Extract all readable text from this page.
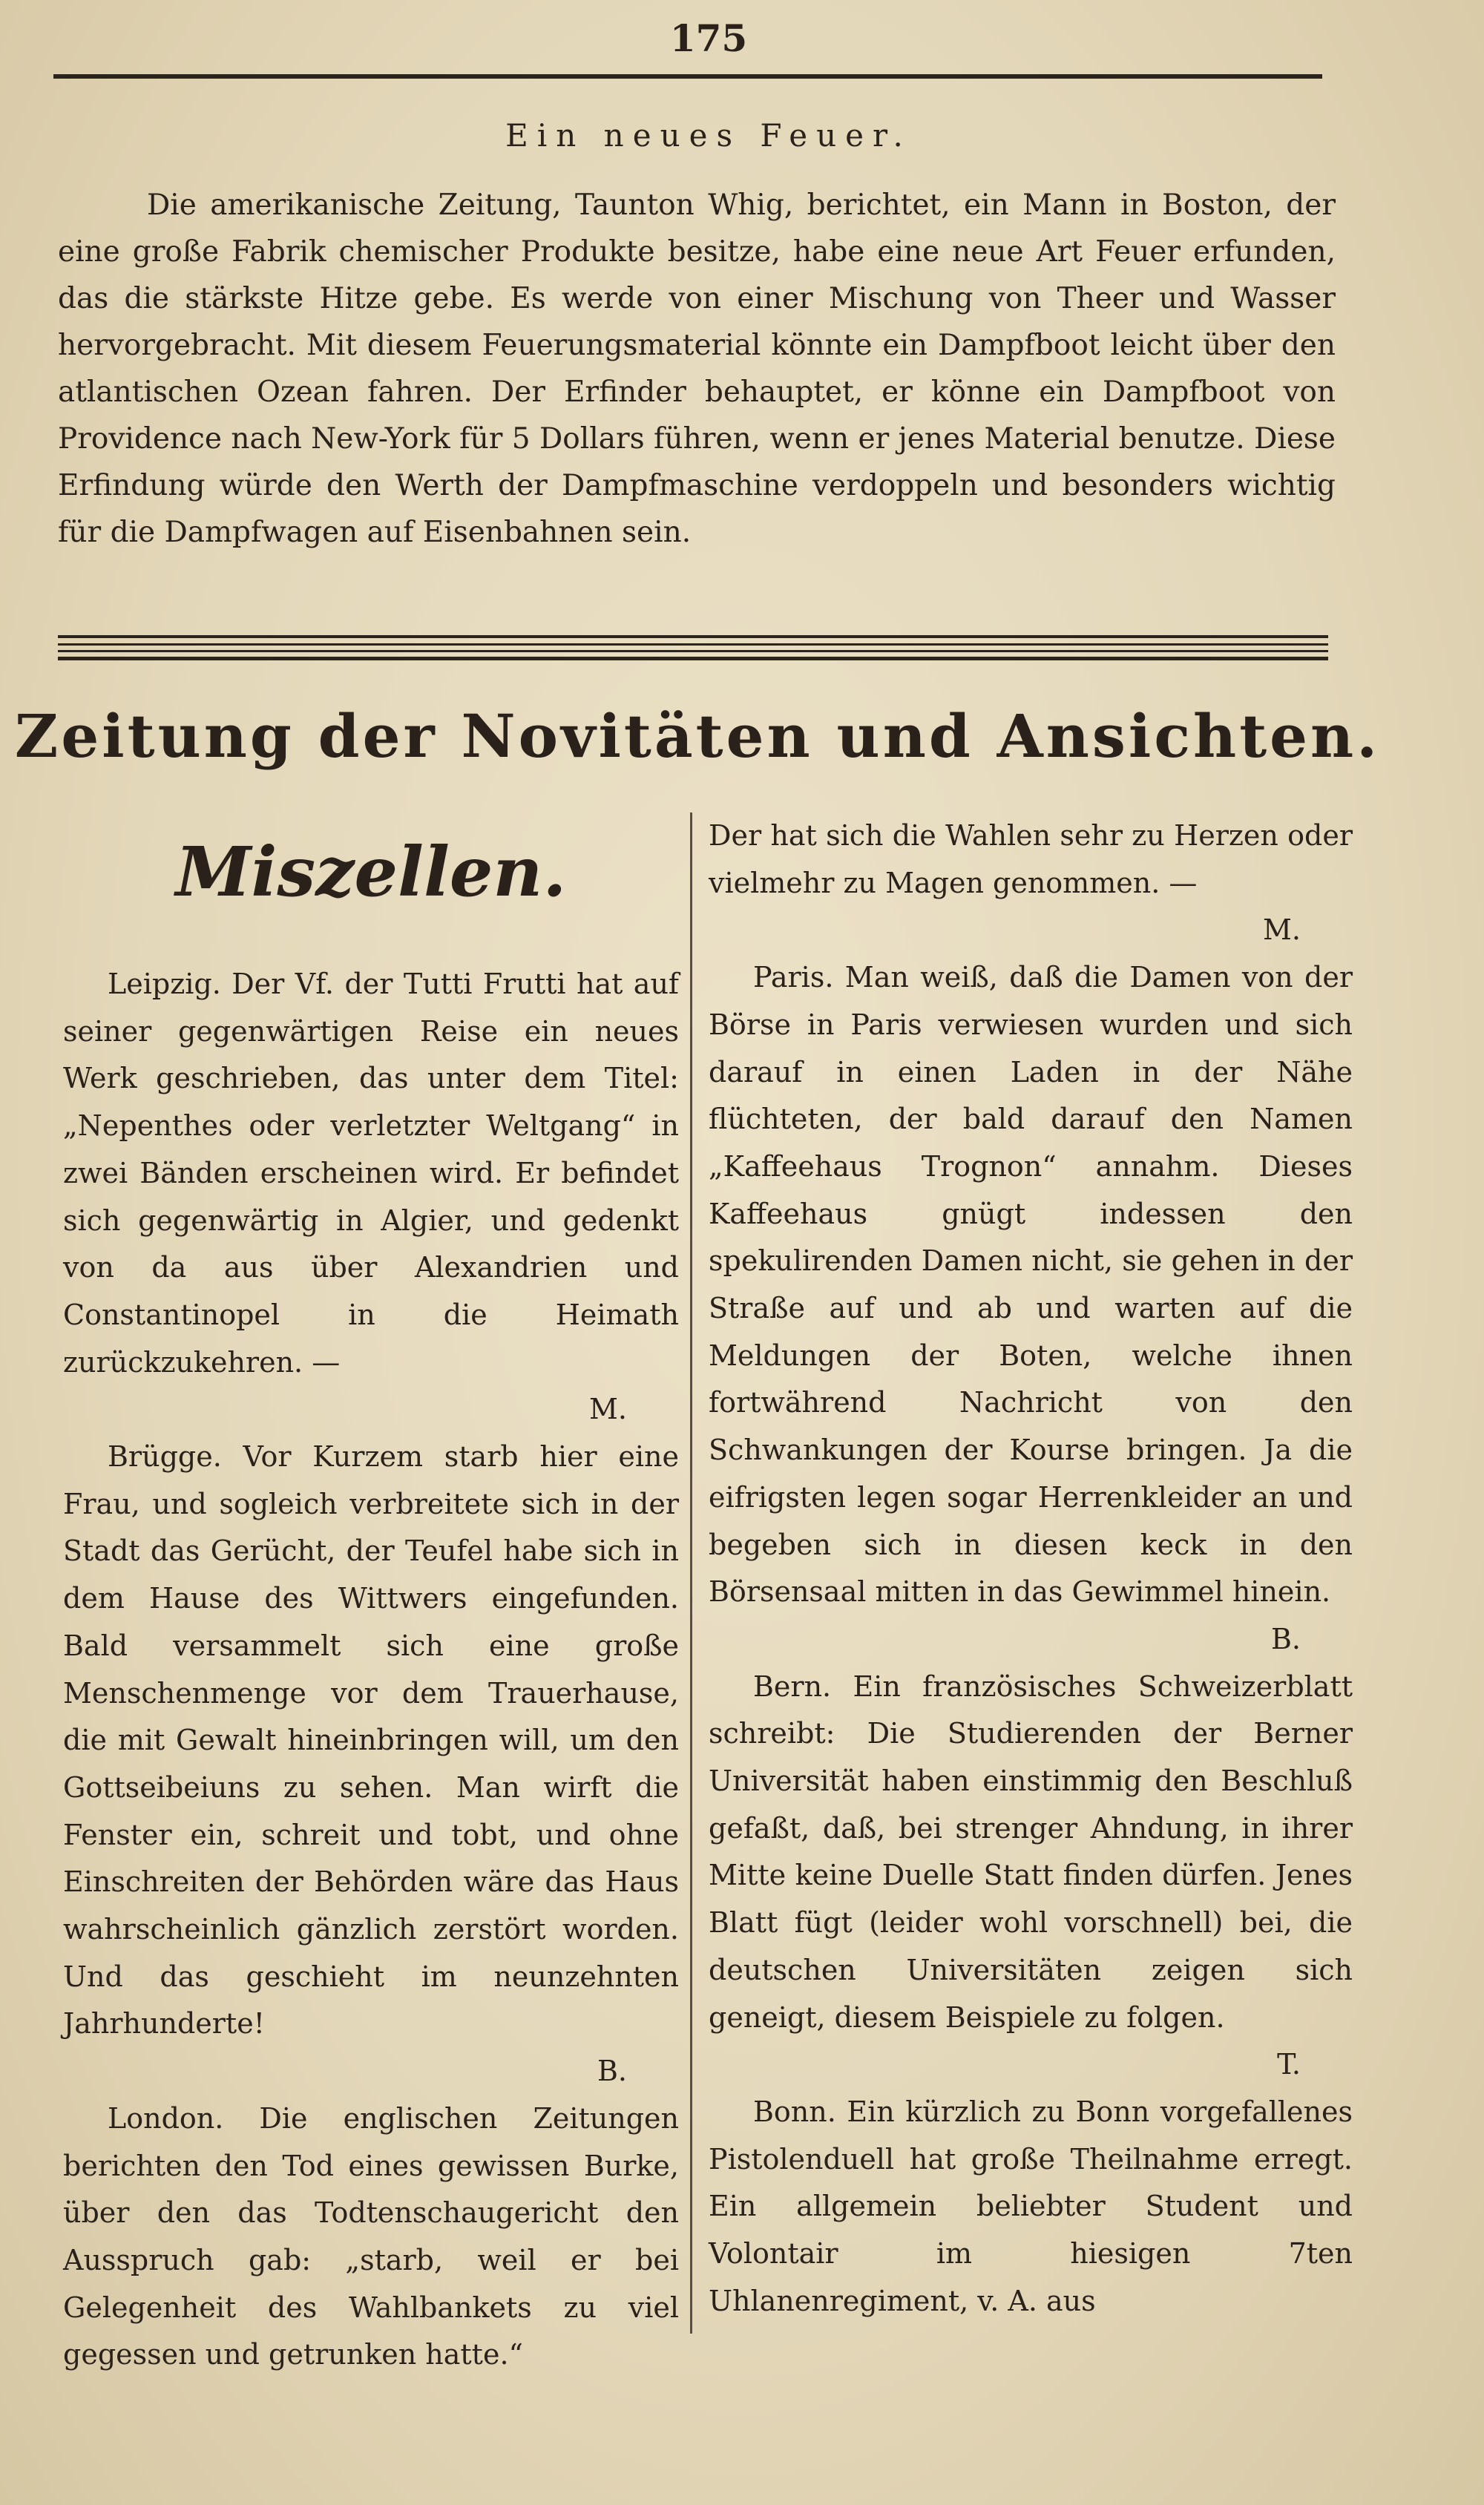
175
Ein neues Feuer.

Die amerikanische Zeitung, Taunton Whig, berichtet, ein Mann in Boston, der eine große Fabrik chemischer Produkte besitze, habe eine neue Art Feuer erfunden, das die stärkste Hitze gebe. Es werde von einer Mischung von Theer und Wasser hervorgebracht. Mit diesem Feuerungsmaterial könnte ein Dampfboot leicht über den atlantischen Ozean fahren. Der Erfinder behauptet, er könne ein Dampfboot von Providence nach New-York für 5 Dollars führen, wenn er jenes Material benutze. Diese Erfindung würde den Werth der Dampfmaschine verdoppeln und besonders wichtig für die Dampfwagen auf Eisenbahnen sein.

Zeitung der Novitäten und Ansichten.
Miszellen.

Leipzig. Der Vf. der Tutti Frutti hat auf seiner gegenwärtigen Reise ein neues Werk geschrieben, das unter dem Titel: „Nepenthes oder verletzter Weltgang“ in zwei Bänden erscheinen wird. Er befindet sich gegenwärtig in Algier, und gedenkt von da aus über Alexandrien und Constantinopel in die Heimath zurückzukehren. —
M.

Brügge. Vor Kurzem starb hier eine Frau, und sogleich verbreitete sich in der Stadt das Gerücht, der Teufel habe sich in dem Hause des Wittwers eingefunden. Bald versammelt sich eine große Menschenmenge vor dem Trauerhause, die mit Gewalt hineinbringen will, um den Gottseibeiuns zu sehen. Man wirft die Fenster ein, schreit und tobt, und ohne Einschreiten der Behörden wäre das Haus wahrscheinlich gänzlich zerstört worden. Und das geschieht im neunzehnten Jahrhunderte!
B.

London. Die englischen Zeitungen berichten den Tod eines gewissen Burke, über den das Todtenschaugericht den Ausspruch gab: „starb, weil er bei Gelegenheit des Wahlbankets zu viel gegessen und getrunken hatte.“

Der hat sich die Wahlen sehr zu Herzen oder vielmehr zu Magen genommen. —
M.

Paris. Man weiß, daß die Damen von der Börse in Paris verwiesen wurden und sich darauf in einen Laden in der Nähe flüchteten, der bald darauf den Namen „Kaffeehaus Trognon“ annahm. Dieses Kaffeehaus gnügt indessen den spekulirenden Damen nicht, sie gehen in der Straße auf und ab und warten auf die Meldungen der Boten, welche ihnen fortwährend Nachricht von den Schwankungen der Kourse bringen. Ja die eifrigsten legen sogar Herrenkleider an und begeben sich in diesen keck in den Börsensaal mitten in das Gewimmel hinein.
B.

Bern. Ein französisches Schweizerblatt schreibt: Die Studierenden der Berner Universität haben einstimmig den Beschluß gefaßt, daß, bei strenger Ahndung, in ihrer Mitte keine Duelle Statt finden dürfen. Jenes Blatt fügt (leider wohl vorschnell) bei, die deutschen Universitäten zeigen sich geneigt, diesem Beispiele zu folgen.
T.

Bonn. Ein kürzlich zu Bonn vorgefallenes Pistolenduell hat große Theilnahme erregt. Ein allgemein beliebter Student und Volontair im hiesigen 7ten Uhlanenregiment, v. A. aus
